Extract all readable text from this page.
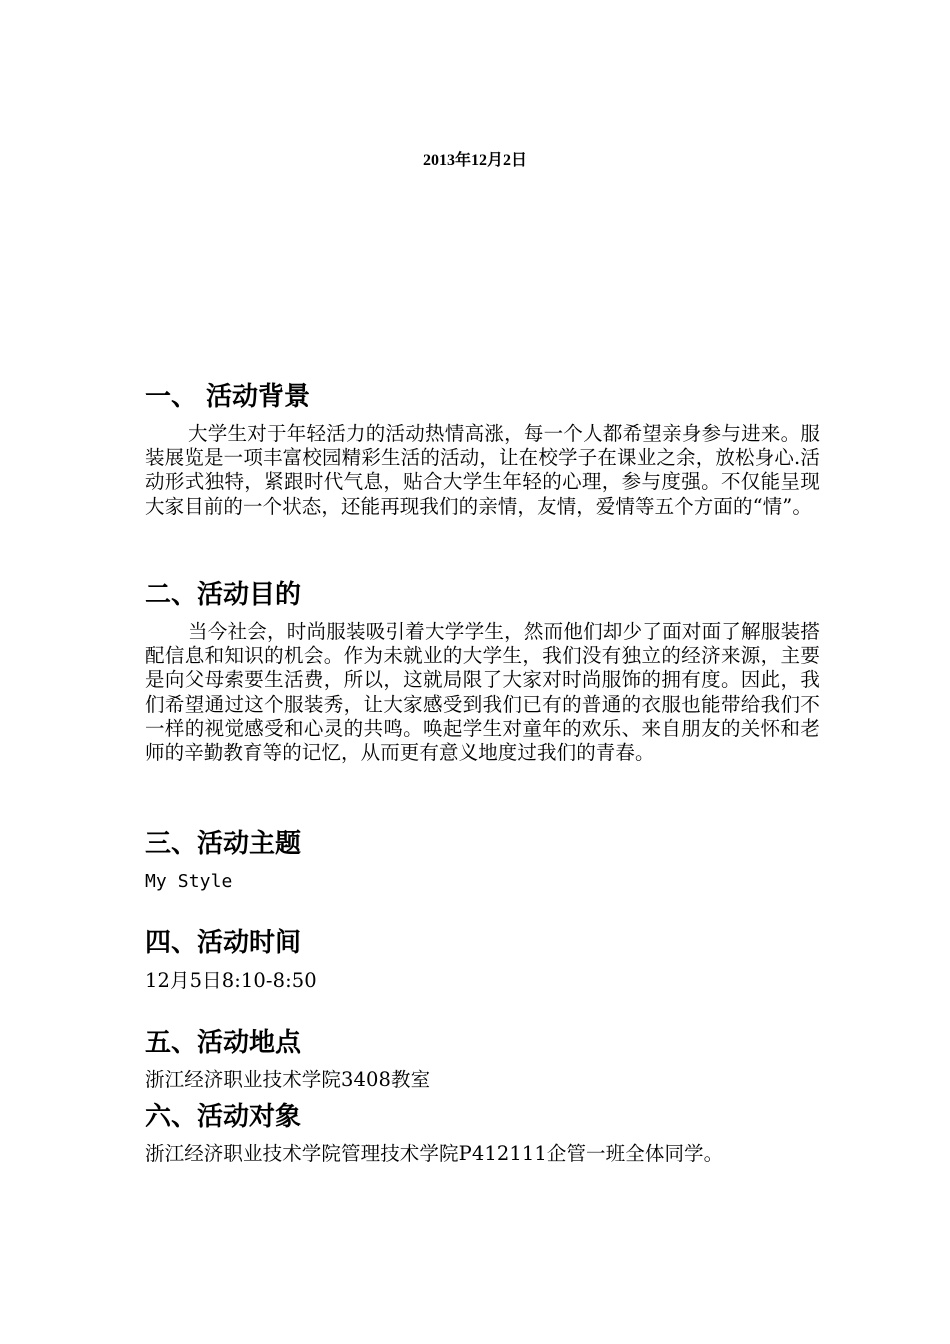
2013年12月2日
一、 活动背景

大学生对于年轻活力的活动热情高涨，每一个人都希望亲身参与进来。服装展览是一项丰富校园精彩生活的活动，让在校学子在课业之余，放松身心.活动形式独特，紧跟时代气息，贴合大学生年轻的心理，参与度强。不仅能呈现大家目前的一个状态，还能再现我们的亲情，友情，爱情等五个方面的“情”。

二、活动目的

当今社会，时尚服装吸引着大学学生，然而他们却少了面对面了解服装搭配信息和知识的机会。作为未就业的大学生，我们没有独立的经济来源，主要是向父母索要生活费，所以，这就局限了大家对时尚服饰的拥有度。因此，我们希望通过这个服装秀，让大家感受到我们已有的普通的衣服也能带给我们不一样的视觉感受和心灵的共鸣。唤起学生对童年的欢乐、来自朋友的关怀和老师的辛勤教育等的记忆，从而更有意义地度过我们的青春。

三、活动主题

My Style

四、活动时间

12月5日8:10-8:50

五、活动地点

浙江经济职业技术学院3408教室

六、活动对象

浙江经济职业技术学院管理技术学院P412111企管一班全体同学。
